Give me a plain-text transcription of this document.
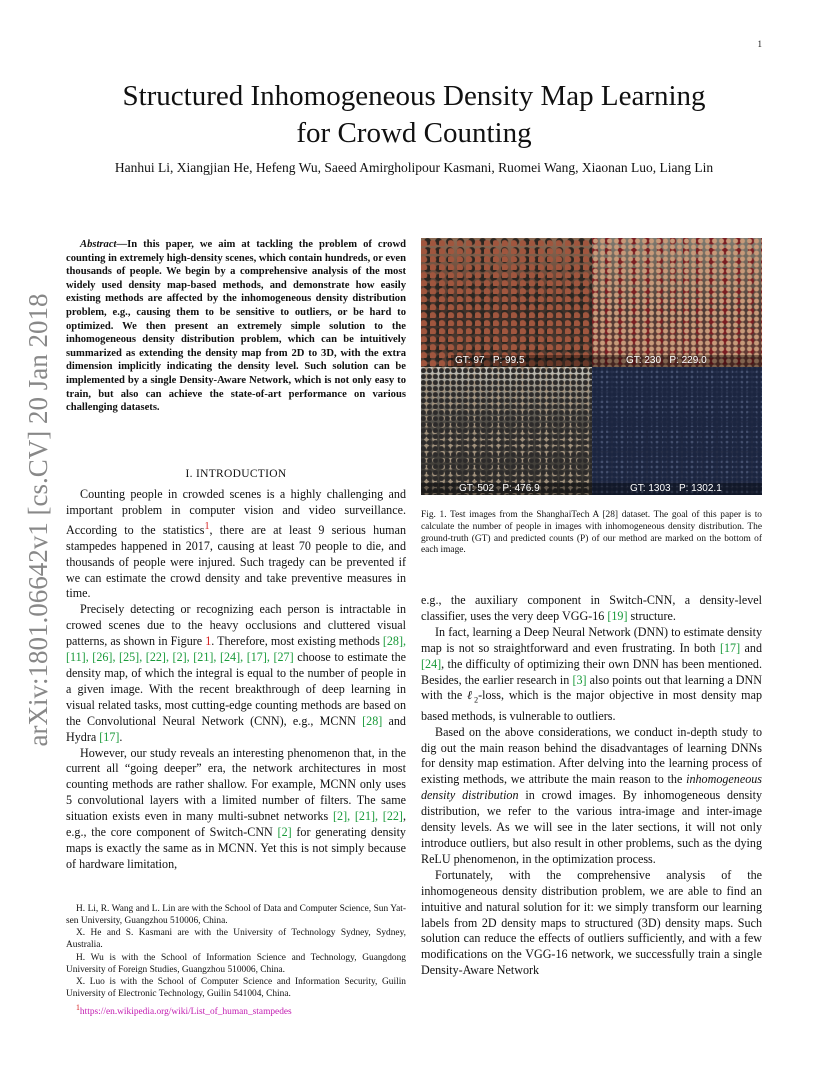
1
Structured Inhomogeneous Density Map Learning
for Crowd Counting
Hanhui Li, Xiangjian He, Hefeng Wu, Saeed Amirgholipour Kasmani, Ruomei Wang, Xiaonan Luo, Liang Lin
arXiv:1801.06642v1 [cs.CV] 20 Jan 2018
Abstract—In this paper, we aim at tackling the problem of crowd counting in extremely high-density scenes, which contain hundreds, or even thousands of people. We begin by a comprehensive analysis of the most widely used density map-based methods, and demonstrate how easily existing methods are affected by the inhomogeneous density distribution problem, e.g., causing them to be sensitive to outliers, or be hard to optimized. We then present an extremely simple solution to the inhomogeneous density distribution problem, which can be intuitively summarized as extending the density map from 2D to 3D, with the extra dimension implicitly indicating the density level. Such solution can be implemented by a single Density-Aware Network, which is not only easy to train, but also can achieve the state-of-art performance on various challenging datasets.
I. INTRODUCTION

Counting people in crowded scenes is a highly challenging and important problem in computer vision and video surveillance. According to the statistics$^1$, there are at least 9 serious human stampedes happened in 2017, causing at least 70 people to die, and thousands of people were injured. Such tragedy can be prevented if we can estimate the crowd density and take preventive measures in time.

Precisely detecting or recognizing each person is intractable in crowed scenes due to the heavy occlusions and cluttered visual patterns, as shown in Figure 1. Therefore, most existing methods [28], [11], [26], [25], [22], [2], [21], [24], [17], [27] choose to estimate the density map, of which the integral is equal to the number of people in a given image. With the recent breakthrough of deep learning in visual related tasks, most cutting-edge counting methods are based on the Convolutional Neural Network (CNN), e.g., MCNN [28] and Hydra [17].

However, our study reveals an interesting phenomenon that, in the current all “going deeper” era, the network architectures in most counting methods are rather shallow. For example, MCNN only uses 5 convolutional layers with a limited number of filters. The same situation exists even in many multi-subnet networks [2], [21], [22], e.g., the core component of Switch-CNN [2] for generating density maps is exactly the same as in MCNN. Yet this is not simply because of hardware limitation,

H. Li, R. Wang and L. Lin are with the School of Data and Computer Science, Sun Yat-sen University, Guangzhou 510006, China.

X. He and S. Kasmani are with the University of Technology Sydney, Sydney, Australia.

H. Wu is with the School of Information Science and Technology, Guangdong University of Foreign Studies, Guangzhou 510006, China.

X. Luo is with the School of Computer Science and Information Security, Guilin University of Electronic Technology, Guilin 541004, China.

$^1$https://en.wikipedia.org/wiki/List_of_human_stampedes

GT: 97 P: 99.5	GT: 230 P: 229.0
GT: 502 P: 476.9	GT: 1303 P: 1302.1
Fig. 1. Test images from the ShanghaiTech A [28] dataset. The goal of this paper is to calculate the number of people in images with inhomogeneous density distribution. The ground-truth (GT) and predicted counts (P) of our method are marked on the bottom of each image.

e.g., the auxiliary component in Switch-CNN, a density-level classifier, uses the very deep VGG-16 [19] structure.

In fact, learning a Deep Neural Network (DNN) to estimate density map is not so straightforward and even frustrating. In both [17] and [24], the difficulty of optimizing their own DNN has been mentioned. Besides, the earlier research in [3] also points out that learning a DNN with the ℓ$_2$-loss, which is the major objective in most density map based methods, is vulnerable to outliers.

Based on the above considerations, we conduct in-depth study to dig out the main reason behind the disadvantages of learning DNNs for density map estimation. After delving into the learning process of existing methods, we attribute the main reason to the inhomogeneous density distribution in crowd images. By inhomogeneous density distribution, we refer to the various intra-image and inter-image density levels. As we will see in the later sections, it will not only introduce outliers, but also result in other problems, such as the dying ReLU phenomenon, in the optimization process.

Fortunately, with the comprehensive analysis of the inhomogeneous density distribution problem, we are able to find an intuitive and natural solution for it: we simply transform our learning labels from 2D density maps to structured (3D) density maps. Such solution can reduce the effects of outliers sufficiently, and with a few modifications on the VGG-16 network, we successfully train a single Density-Aware Network
